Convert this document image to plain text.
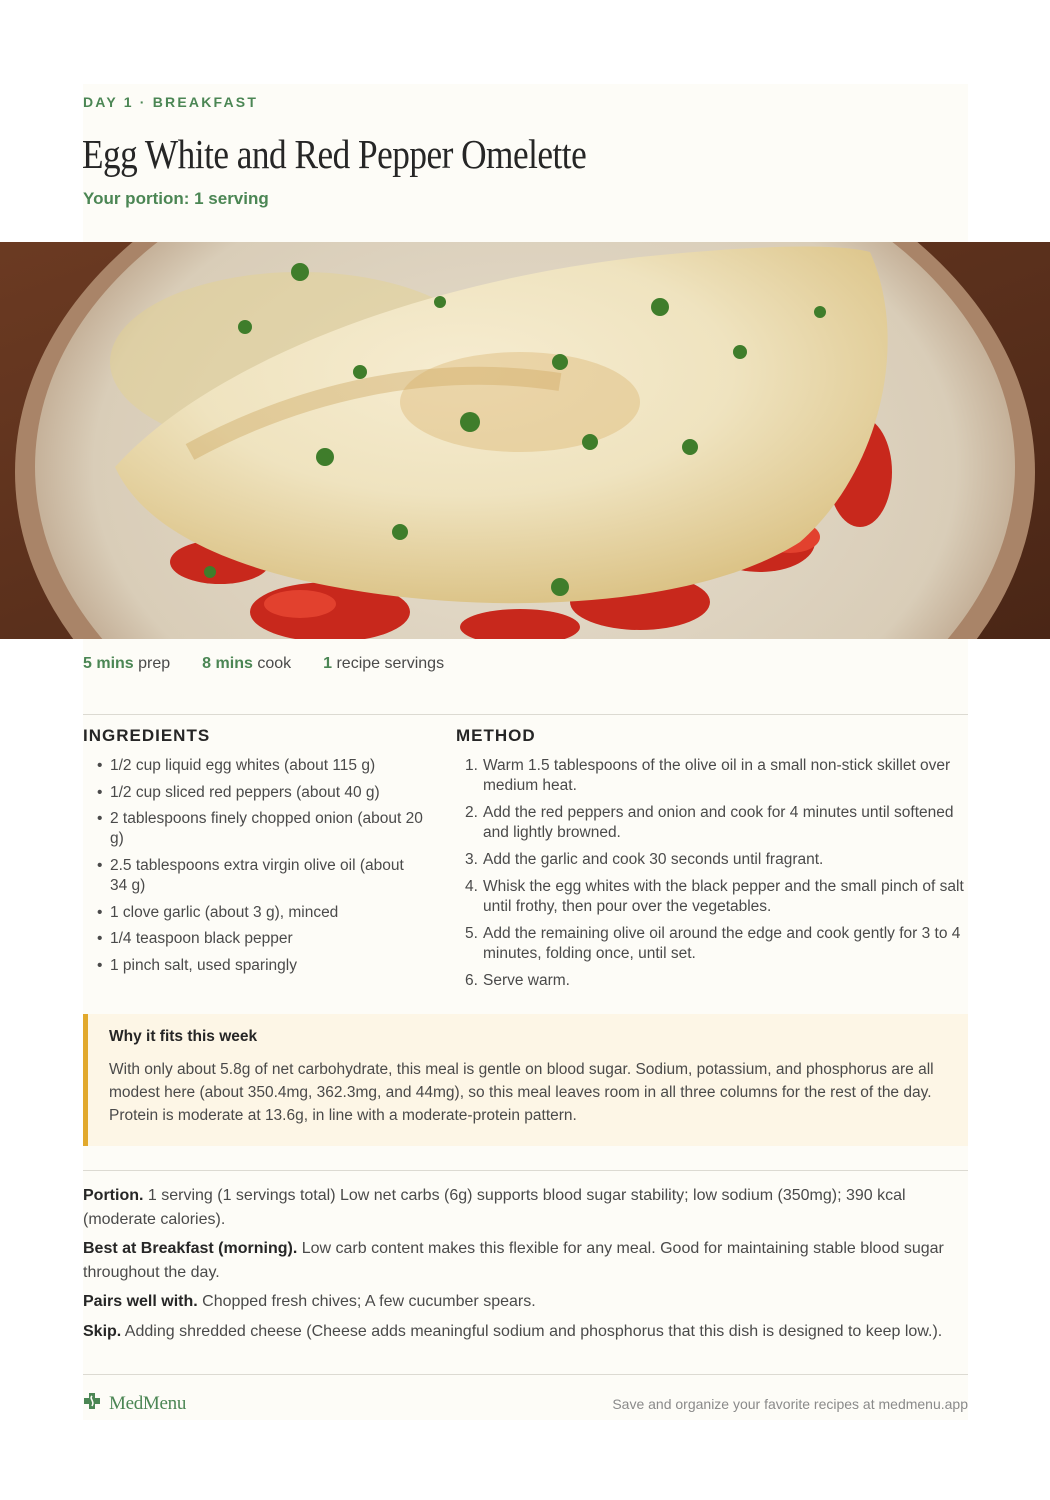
DAY 1 · BREAKFAST
Egg White and Red Pepper Omelette
Your portion: 1 serving
5 mins prep 8 mins cook 1 recipe servings
INGREDIENTS
• 1/2 cup liquid egg whites (about 115 g)
• 1/2 cup sliced red peppers (about 40 g)
• 2 tablespoons finely chopped onion (about 20 g)
• 2.5 tablespoons extra virgin olive oil (about 34 g)
• 1 clove garlic (about 3 g), minced
• 1/4 teaspoon black pepper
• 1 pinch salt, used sparingly
METHOD
1. Warm 1.5 tablespoons of the olive oil in a small non-stick skillet over medium heat.
2. Add the red peppers and onion and cook for 4 minutes until softened and lightly browned.
3. Add the garlic and cook 30 seconds until fragrant.
4. Whisk the egg whites with the black pepper and the small pinch of salt until frothy, then pour over the vegetables.
5. Add the remaining olive oil around the edge and cook gently for 3 to 4 minutes, folding once, until set.
6. Serve warm.
Why it fits this week
With only about 5.8g of net carbohydrate, this meal is gentle on blood sugar. Sodium, potassium, and phosphorus are all modest here (about 350.4mg, 362.3mg, and 44mg), so this meal leaves room in all three columns for the rest of the day. Protein is moderate at 13.6g, in line with a moderate-protein pattern.
Portion. 1 serving (1 servings total) Low net carbs (6g) supports blood sugar stability; low sodium (350mg); 390 kcal (moderate calories).
Best at Breakfast (morning). Low carb content makes this flexible for any meal. Good for maintaining stable blood sugar throughout the day.
Pairs well with. Chopped fresh chives; A few cucumber spears.
Skip. Adding shredded cheese (Cheese adds meaningful sodium and phosphorus that this dish is designed to keep low.).
MedMenu	Save and organize your favorite recipes at medmenu.app
